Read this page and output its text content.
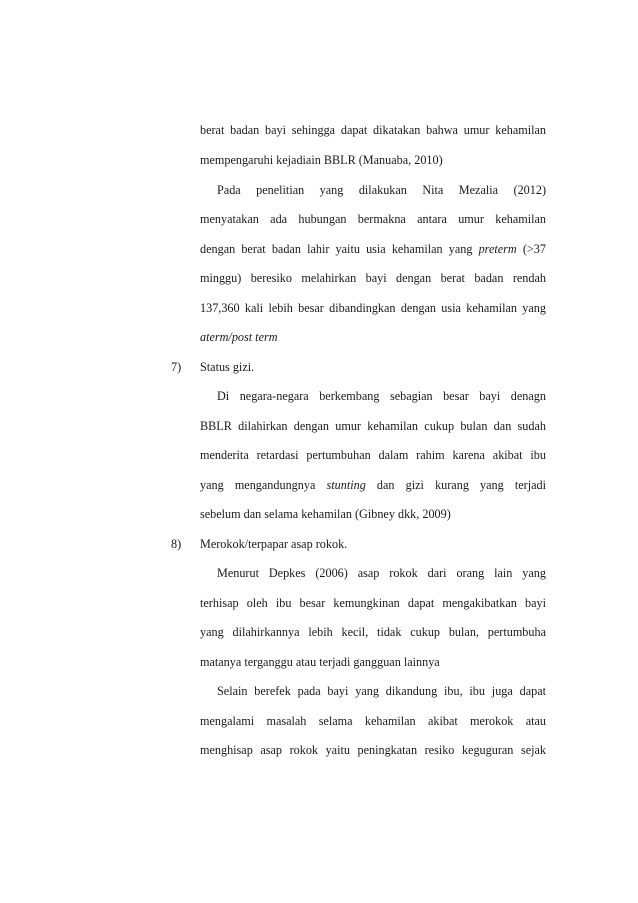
berat badan bayi sehingga dapat dikatakan bahwa umur kehamilan
mempengaruhi kejadiain BBLR (Manuaba, 2010)
Pada penelitian yang dilakukan Nita Mezalia (2012)
menyatakan ada hubungan bermakna antara umur kehamilan
dengan berat badan lahir yaitu usia kehamilan yang preterm (>37
minggu) beresiko melahirkan bayi dengan berat badan rendah
137,360 kali lebih besar dibandingkan dengan usia kehamilan yang
aterm/post term
7) Status gizi.
Di negara-negara berkembang sebagian besar bayi denagn
BBLR dilahirkan dengan umur kehamilan cukup bulan dan sudah
menderita retardasi pertumbuhan dalam rahim karena akibat ibu
yang mengandungnya stunting dan gizi kurang yang terjadi
sebelum dan selama kehamilan (Gibney dkk, 2009)
8) Merokok/terpapar asap rokok.
Menurut Depkes (2006) asap rokok dari orang lain yang
terhisap oleh ibu besar kemungkinan dapat mengakibatkan bayi
yang dilahirkannya lebih kecil, tidak cukup bulan, pertumbuha
matanya terganggu atau terjadi gangguan lainnya
Selain berefek pada bayi yang dikandung ibu, ibu juga dapat
mengalami masalah selama kehamilan akibat merokok atau
menghisap asap rokok yaitu peningkatan resiko keguguran sejak
